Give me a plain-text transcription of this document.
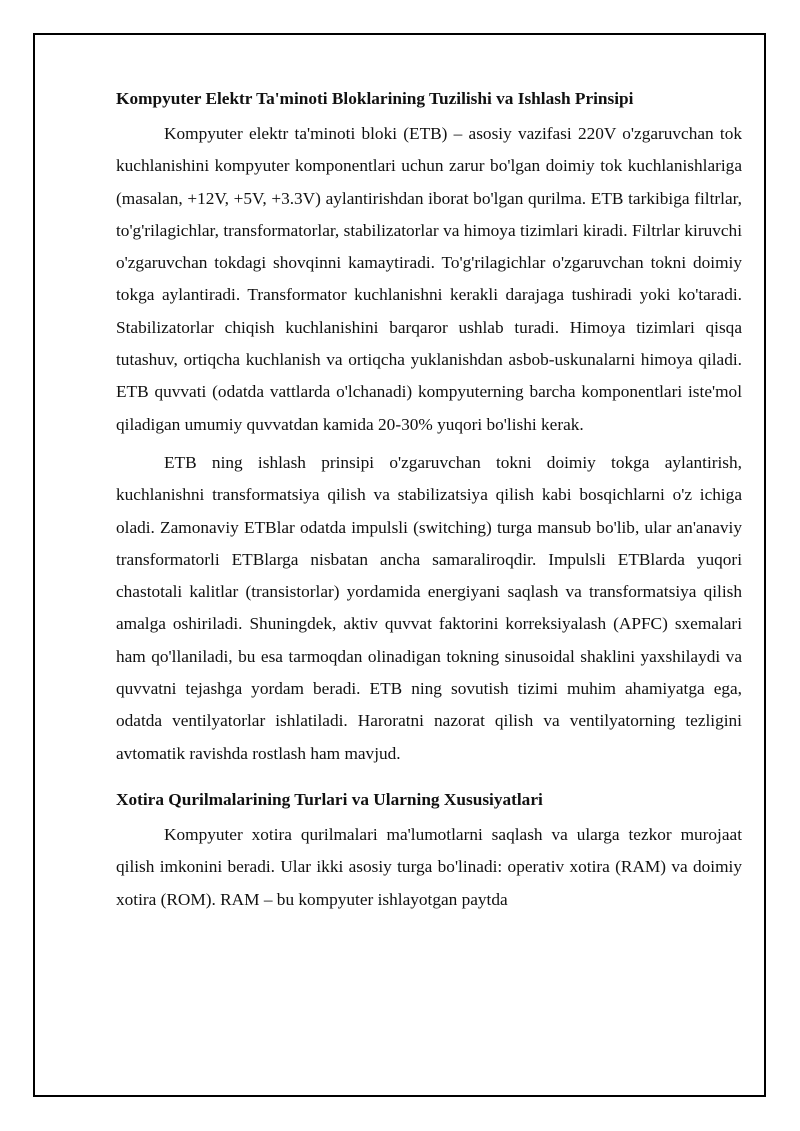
Kompyuter Elektr Ta'minoti Bloklarining Tuzilishi va Ishlash Prinsipi

Kompyuter elektr ta'minoti bloki (ETB) – asosiy vazifasi 220V o'zgaruvchan tok kuchlanishini kompyuter komponentlari uchun zarur bo'lgan doimiy tok kuchlanishlariga (masalan, +12V, +5V, +3.3V) aylantirishdan iborat bo'lgan qurilma. ETB tarkibiga filtrlar, to'g'rilagichlar, transformatorlar, stabilizatorlar va himoya tizimlari kiradi. Filtrlar kiruvchi o'zgaruvchan tokdagi shovqinni kamaytiradi. To'g'rilagichlar o'zgaruvchan tokni doimiy tokga aylantiradi. Transformator kuchlanishni kerakli darajaga tushiradi yoki ko'taradi. Stabilizatorlar chiqish kuchlanishini barqaror ushlab turadi. Himoya tizimlari qisqa tutashuv, ortiqcha kuchlanish va ortiqcha yuklanishdan asbob-uskunalarni himoya qiladi. ETB quvvati (odatda vattlarda o'lchanadi) kompyuterning barcha komponentlari iste'mol qiladigan umumiy quvvatdan kamida 20-30% yuqori bo'lishi kerak.

ETB ning ishlash prinsipi o'zgaruvchan tokni doimiy tokga aylantirish, kuchlanishni transformatsiya qilish va stabilizatsiya qilish kabi bosqichlarni o'z ichiga oladi. Zamonaviy ETBlar odatda impulsli (switching) turga mansub bo'lib, ular an'anaviy transformatorli ETBlarga nisbatan ancha samaraliroqdir. Impulsli ETBlarda yuqori chastotali kalitlar (transistorlar) yordamida energiyani saqlash va transformatsiya qilish amalga oshiriladi. Shuningdek, aktiv quvvat faktorini korreksiyalash (APFC) sxemalari ham qo'llaniladi, bu esa tarmoqdan olinadigan tokning sinusoidal shaklini yaxshilaydi va quvvatni tejashga yordam beradi. ETB ning sovutish tizimi muhim ahamiyatga ega, odatda ventilyatorlar ishlatiladi. Haroratni nazorat qilish va ventilyatorning tezligini avtomatik ravishda rostlash ham mavjud.

Xotira Qurilmalarining Turlari va Ularning Xususiyatlari

Kompyuter xotira qurilmalari ma'lumotlarni saqlash va ularga tezkor murojaat qilish imkonini beradi. Ular ikki asosiy turga bo'linadi: operativ xotira (RAM) va doimiy xotira (ROM). RAM – bu kompyuter ishlayotgan paytda
